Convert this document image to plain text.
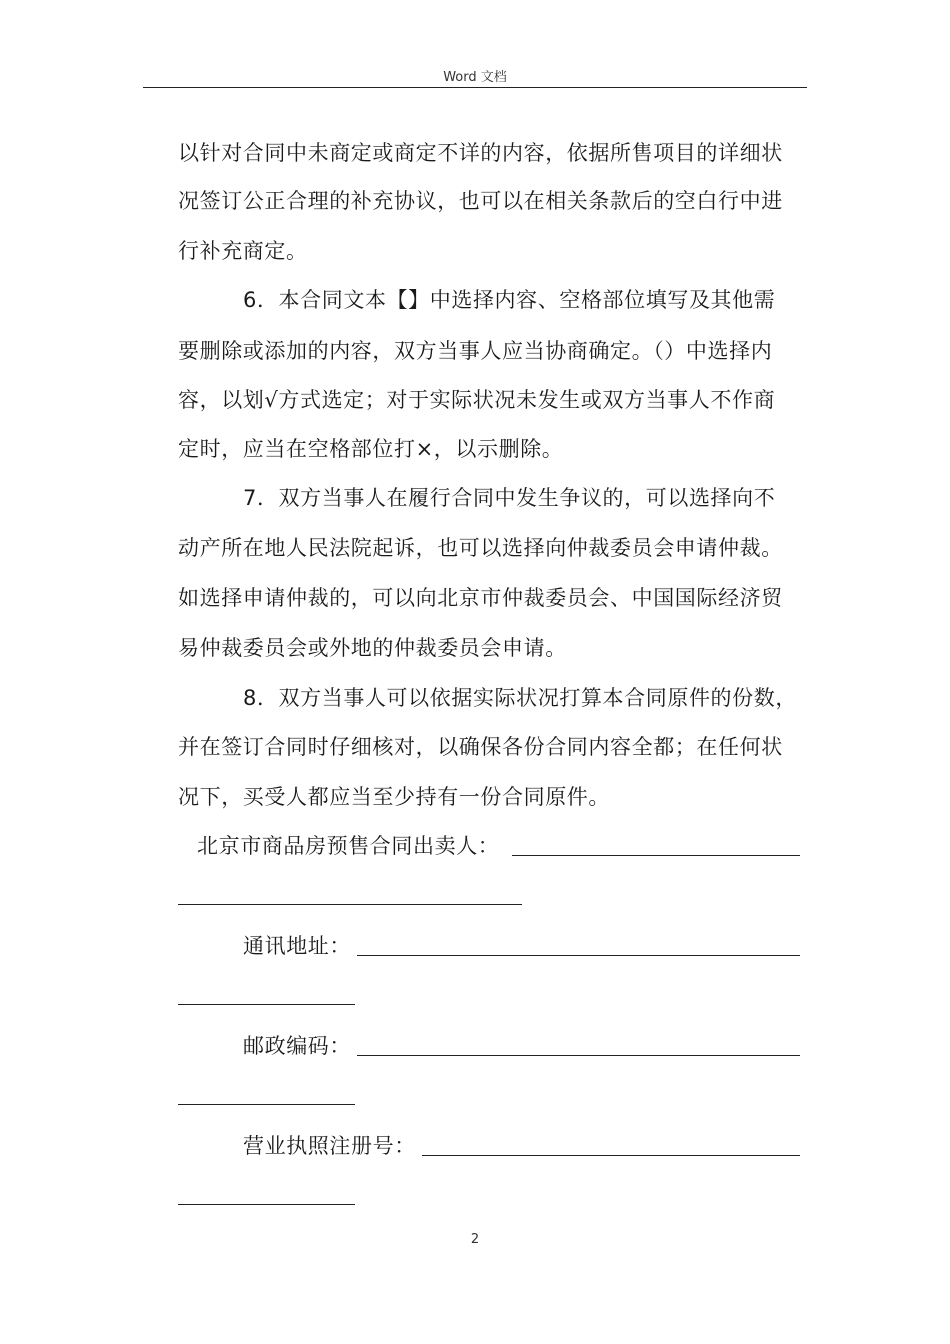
Word 文档
以针对合同中未商定或商定不详的内容，依据所售项目的详细状
况签订公正合理的补充协议，也可以在相关条款后的空白行中进
行补充商定。
6．本合同文本【】中选择内容、空格部位填写及其他需
要删除或添加的内容，双方当事人应当协商确定。（）中选择内
容，以划√方式选定；对于实际状况未发生或双方当事人不作商
定时，应当在空格部位打×，以示删除。
7．双方当事人在履行合同中发生争议的，可以选择向不
动产所在地人民法院起诉，也可以选择向仲裁委员会申请仲裁。
如选择申请仲裁的，可以向北京市仲裁委员会、中国国际经济贸
易仲裁委员会或外地的仲裁委员会申请。
8．双方当事人可以依据实际状况打算本合同原件的份数，
并在签订合同时仔细核对，以确保各份合同内容全都；在任何状
况下，买受人都应当至少持有一份合同原件。
北京市商品房预售合同出卖人：
通讯地址：
邮政编码：
营业执照注册号：
2
